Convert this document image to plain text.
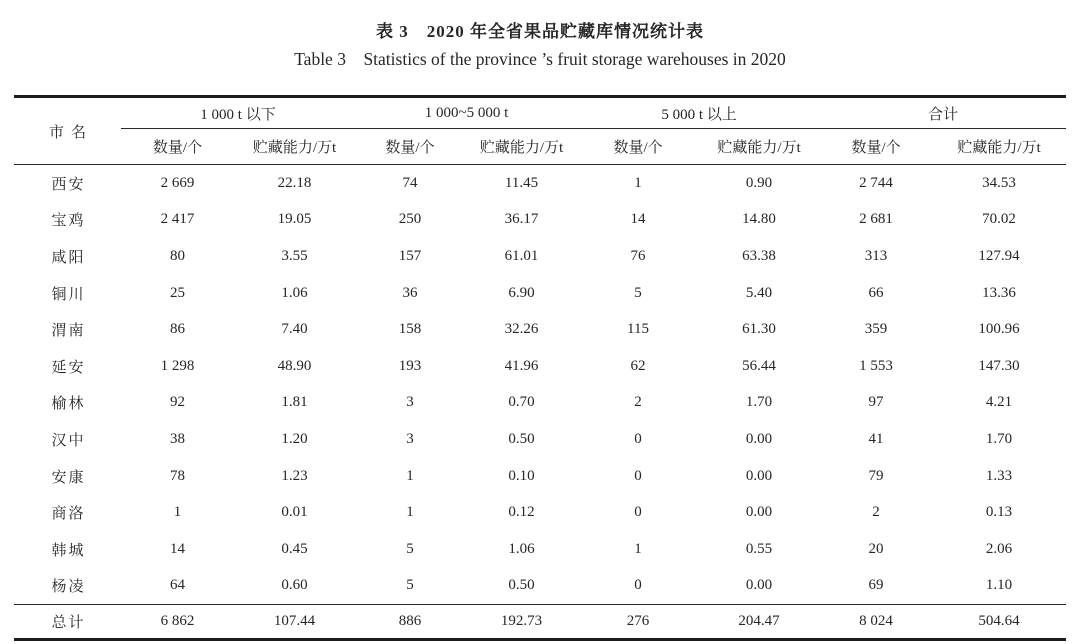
表 3　2020 年全省果品贮藏库情况统计表
Table 3　Statistics of the province ’s fruit storage warehouses in 2020
市名	1 000 t 以下		1 000~5 000 t		5 000 t 以上		合计	
	数量/个	贮藏能力/万t	数量/个	贮藏能力/万t	数量/个	贮藏能力/万t	数量/个	贮藏能力/万t
西安	2 669	22.18	74	11.45	1	0.90	2 744	34.53
宝鸡	2 417	19.05	250	36.17	14	14.80	2 681	70.02
咸阳	80	3.55	157	61.01	76	63.38	313	127.94
铜川	25	1.06	36	6.90	5	5.40	66	13.36
渭南	86	7.40	158	32.26	115	61.30	359	100.96
延安	1 298	48.90	193	41.96	62	56.44	1 553	147.30
榆林	92	1.81	3	0.70	2	1.70	97	4.21
汉中	38	1.20	3	0.50	0	0.00	41	1.70
安康	78	1.23	1	0.10	0	0.00	79	1.33
商洛	1	0.01	1	0.12	0	0.00	2	0.13
韩城	14	0.45	5	1.06	1	0.55	20	2.06
杨凌	64	0.60	5	0.50	0	0.00	69	1.10
总计	6 862	107.44	886	192.73	276	204.47	8 024	504.64
